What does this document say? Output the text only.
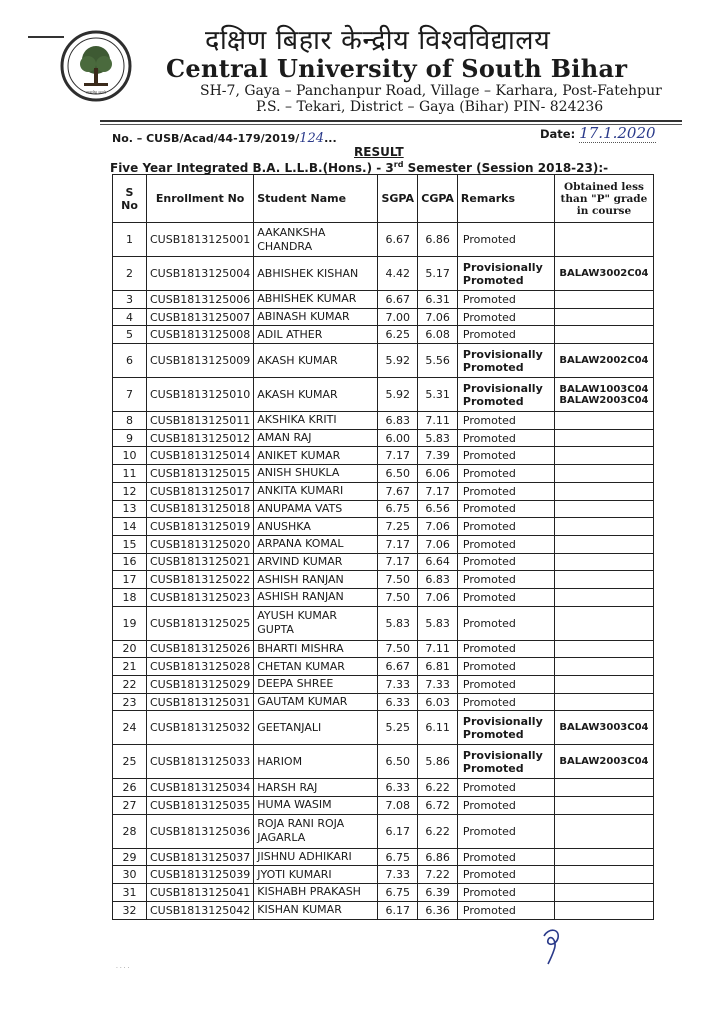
सत्यमेव जयते
दक्षिण बिहार केन्द्रीय विश्वविद्यालय
Central University of South Bihar
SH-7, Gaya – Panchanpur Road, Village – Karhara, Post-Fatehpur
P.S. – Tekari, District – Gaya (Bihar) PIN- 824236
No. – CUSB/Acad/44-179/2019/124...	Date: 17.1.2020
RESULT
Five Year Integrated B.A. L.L.B.(Hons.) - 3rd Semester (Session 2018-23):-
S No	Enrollment No	Student Name	SGPA	CGPA	Remarks	Obtained less than "P" grade in course
1	CUSB1813125001	AAKANKSHA CHANDRA	6.67	6.86	Promoted	
2	CUSB1813125004	ABHISHEK KISHAN	4.42	5.17	Provisionally Promoted	BALAW3002C04
3	CUSB1813125006	ABHISHEK KUMAR	6.67	6.31	Promoted	
4	CUSB1813125007	ABINASH KUMAR	7.00	7.06	Promoted	
5	CUSB1813125008	ADIL ATHER	6.25	6.08	Promoted	
6	CUSB1813125009	AKASH KUMAR	5.92	5.56	Provisionally Promoted	BALAW2002C04
7	CUSB1813125010	AKASH KUMAR	5.92	5.31	Provisionally Promoted	BALAW1003C04 BALAW2003C04
8	CUSB1813125011	AKSHIKA KRITI	6.83	7.11	Promoted	
9	CUSB1813125012	AMAN RAJ	6.00	5.83	Promoted	
10	CUSB1813125014	ANIKET KUMAR	7.17	7.39	Promoted	
11	CUSB1813125015	ANISH SHUKLA	6.50	6.06	Promoted	
12	CUSB1813125017	ANKITA KUMARI	7.67	7.17	Promoted	
13	CUSB1813125018	ANUPAMA VATS	6.75	6.56	Promoted	
14	CUSB1813125019	ANUSHKA	7.25	7.06	Promoted	
15	CUSB1813125020	ARPANA KOMAL	7.17	7.06	Promoted	
16	CUSB1813125021	ARVIND KUMAR	7.17	6.64	Promoted	
17	CUSB1813125022	ASHISH RANJAN	7.50	6.83	Promoted	
18	CUSB1813125023	ASHISH RANJAN	7.50	7.06	Promoted	
19	CUSB1813125025	AYUSH KUMAR GUPTA	5.83	5.83	Promoted	
20	CUSB1813125026	BHARTI MISHRA	7.50	7.11	Promoted	
21	CUSB1813125028	CHETAN KUMAR	6.67	6.81	Promoted	
22	CUSB1813125029	DEEPA SHREE	7.33	7.33	Promoted	
23	CUSB1813125031	GAUTAM KUMAR	6.33	6.03	Promoted	
24	CUSB1813125032	GEETANJALI	5.25	6.11	Provisionally Promoted	BALAW3003C04
25	CUSB1813125033	HARIOM	6.50	5.86	Provisionally Promoted	BALAW2003C04
26	CUSB1813125034	HARSH RAJ	6.33	6.22	Promoted	
27	CUSB1813125035	HUMA WASIM	7.08	6.72	Promoted	
28	CUSB1813125036	ROJA RANI ROJA JAGARLA	6.17	6.22	Promoted	
29	CUSB1813125037	JISHNU ADHIKARI	6.75	6.86	Promoted	
30	CUSB1813125039	JYOTI KUMARI	7.33	7.22	Promoted	
31	CUSB1813125041	KISHABH PRAKASH	6.75	6.39	Promoted	
32	CUSB1813125042	KISHAN KUMAR	6.17	6.36	Promoted	
. . . .
